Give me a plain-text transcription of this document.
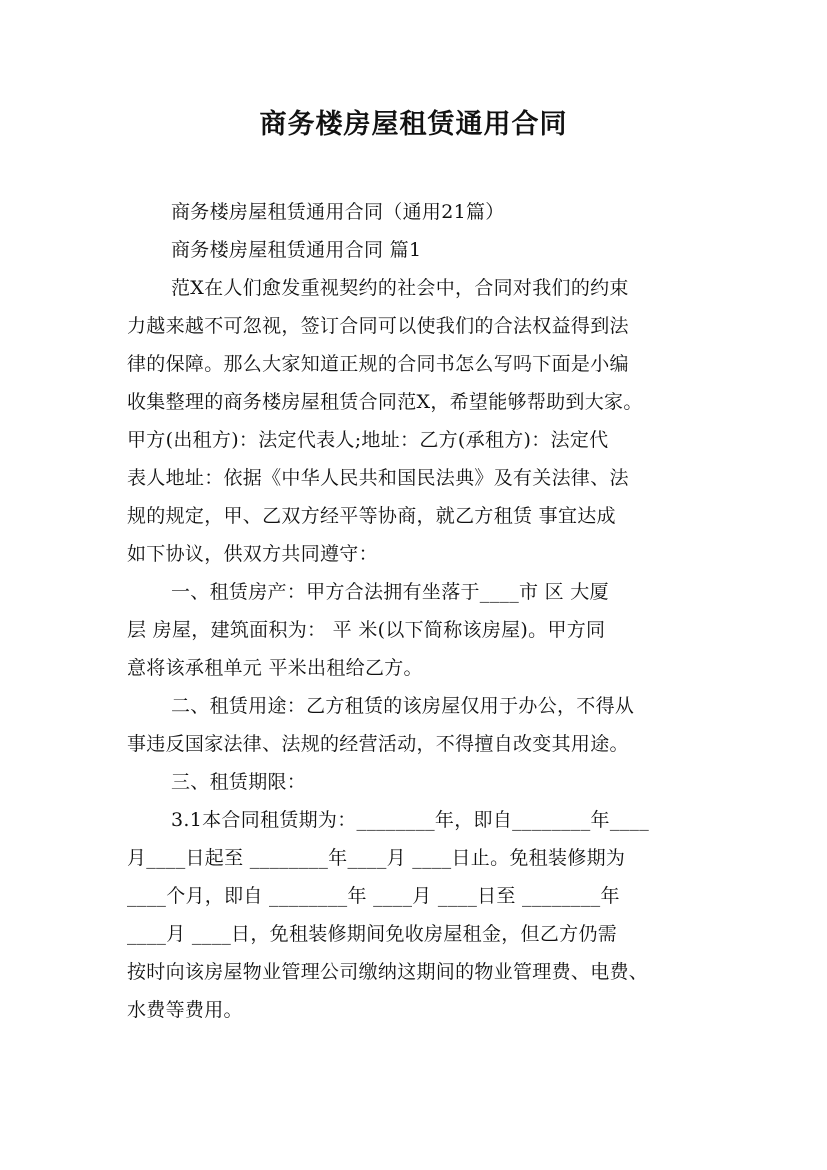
商务楼房屋租赁通用合同
商务楼房屋租赁通用合同（通用21篇）
商务楼房屋租赁通用合同 篇1
范X在人们愈发重视契约的社会中，合同对我们的约束
力越来越不可忽视，签订合同可以使我们的合法权益得到法
律的保障。那么大家知道正规的合同书怎么写吗下面是小编
收集整理的商务楼房屋租赁合同范X，希望能够帮助到大家。
甲方(出租方)：法定代表人;地址：乙方(承租方)：法定代
表人地址：依据《中华人民共和国民法典》及有关法律、法
规的规定，甲、乙双方经平等协商，就乙方租赁 事宜达成
如下协议，供双方共同遵守：
一、租赁房产：甲方合法拥有坐落于____市 区 大厦
层 房屋，建筑面积为： 平 米(以下简称该房屋)。甲方同
意将该承租单元 平米出租给乙方。
二、租赁用途：乙方租赁的该房屋仅用于办公，不得从
事违反国家法律、法规的经营活动，不得擅自改变其用途。
三、租赁期限：
3.1本合同租赁期为：________年，即自________年____
月____日起至 ________年____月 ____日止。免租装修期为
____个月，即自 ________年 ____月 ____日至 ________年
____月 ____日，免租装修期间免收房屋租金，但乙方仍需
按时向该房屋物业管理公司缴纳这期间的物业管理费、电费、
水费等费用。
